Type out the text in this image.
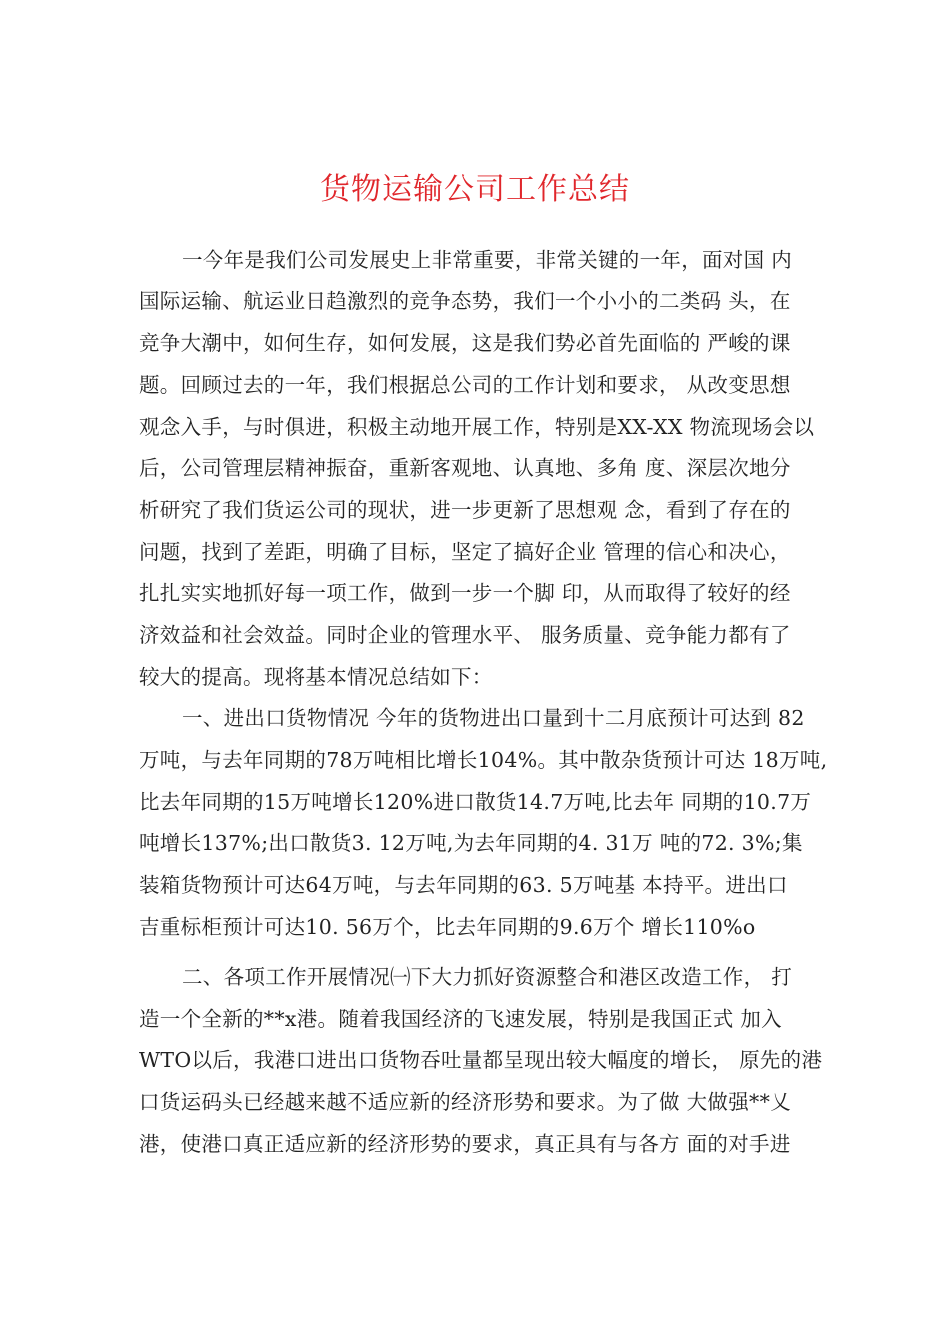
货物运输公司工作总结
一今年是我们公司发展史上非常重要，非常关键的一年，面对国 内
国际运输、航运业日趋激烈的竞争态势，我们一个小小的二类码 头，在
竞争大潮中，如何生存，如何发展，这是我们势必首先面临的 严峻的课
题。回顾过去的一年，我们根据总公司的工作计划和要求， 从改变思想
观念入手，与时俱进，积极主动地开展工作，特别是XX-XX 物流现场会以
后，公司管理层精神振奋，重新客观地、认真地、多角 度、深层次地分
析研究了我们货运公司的现状，进一步更新了思想观 念，看到了存在的
问题，找到了差距，明确了目标，坚定了搞好企业 管理的信心和决心，
扎扎实实地抓好每一项工作，做到一步一个脚 印，从而取得了较好的经
济效益和社会效益。同时企业的管理水平、 服务质量、竞争能力都有了
较大的提高。现将基本情况总结如下：
一、进出口货物情况 今年的货物进出口量到十二月底预计可达到 82
万吨，与去年同期的78万吨相比增长104%。其中散杂货预计可达 18万吨,
比去年同期的15万吨增长120%进口散货14.7万吨,比去年 同期的10.7万
吨增长137%;出口散货3. 12万吨,为去年同期的4. 31万 吨的72. 3%;集
装箱货物预计可达64万吨，与去年同期的63. 5万吨基 本持平。进出口
吉重标柜预计可达10. 56万个，比去年同期的9.6万个 增长110%o
二、各项工作开展情况㈠下大力抓好资源整合和港区改造工作， 打
造一个全新的**x港。随着我国经济的飞速发展，特别是我国正式 加入
WTO以后，我港口进出口货物吞吐量都呈现出较大幅度的增长， 原先的港
口货运码头已经越来越不适应新的经济形势和要求。为了做 大做强**乂
港，使港口真正适应新的经济形势的要求，真正具有与各方 面的对手进
